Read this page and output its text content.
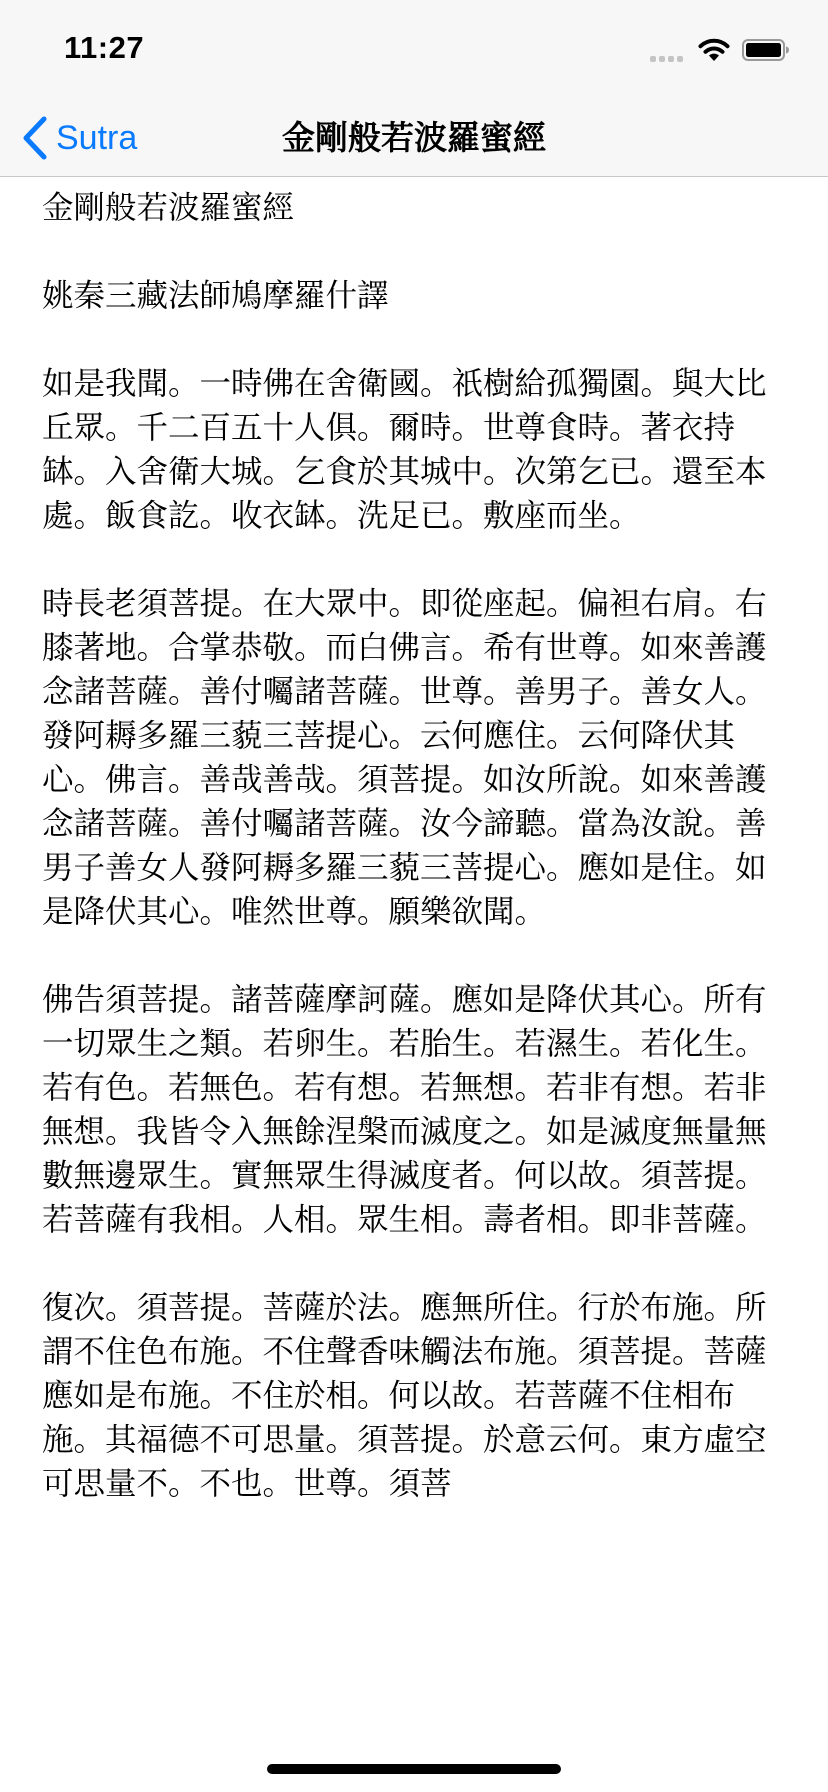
11:27
Sutra	金剛般若波羅蜜經

金剛般若波羅蜜經

姚秦三藏法師鳩摩羅什譯

如是我聞。一時佛在舍衛國。祇樹給孤獨園。與大比丘眾。千二百五十人俱。爾時。世尊食時。著衣持缽。入舍衛大城。乞食於其城中。次第乞已。還至本處。飯食訖。收衣缽。洗足已。敷座而坐。

時長老須菩提。在大眾中。即從座起。偏袒右肩。右膝著地。合掌恭敬。而白佛言。希有世尊。如來善護念諸菩薩。善付囑諸菩薩。世尊。善男子。善女人。發阿耨多羅三藐三菩提心。云何應住。云何降伏其心。佛言。善哉善哉。須菩提。如汝所說。如來善護念諸菩薩。善付囑諸菩薩。汝今諦聽。當為汝說。善男子善女人發阿耨多羅三藐三菩提心。應如是住。如是降伏其心。唯然世尊。願樂欲聞。

佛告須菩提。諸菩薩摩訶薩。應如是降伏其心。所有一切眾生之類。若卵生。若胎生。若濕生。若化生。若有色。若無色。若有想。若無想。若非有想。若非無想。我皆令入無餘涅槃而滅度之。如是滅度無量無數無邊眾生。實無眾生得滅度者。何以故。須菩提。若菩薩有我相。人相。眾生相。壽者相。即非菩薩。

復次。須菩提。菩薩於法。應無所住。行於布施。所謂不住色布施。不住聲香味觸法布施。須菩提。菩薩應如是布施。不住於相。何以故。若菩薩不住相布施。其福德不可思量。須菩提。於意云何。東方虛空可思量不。不也。世尊。須菩
